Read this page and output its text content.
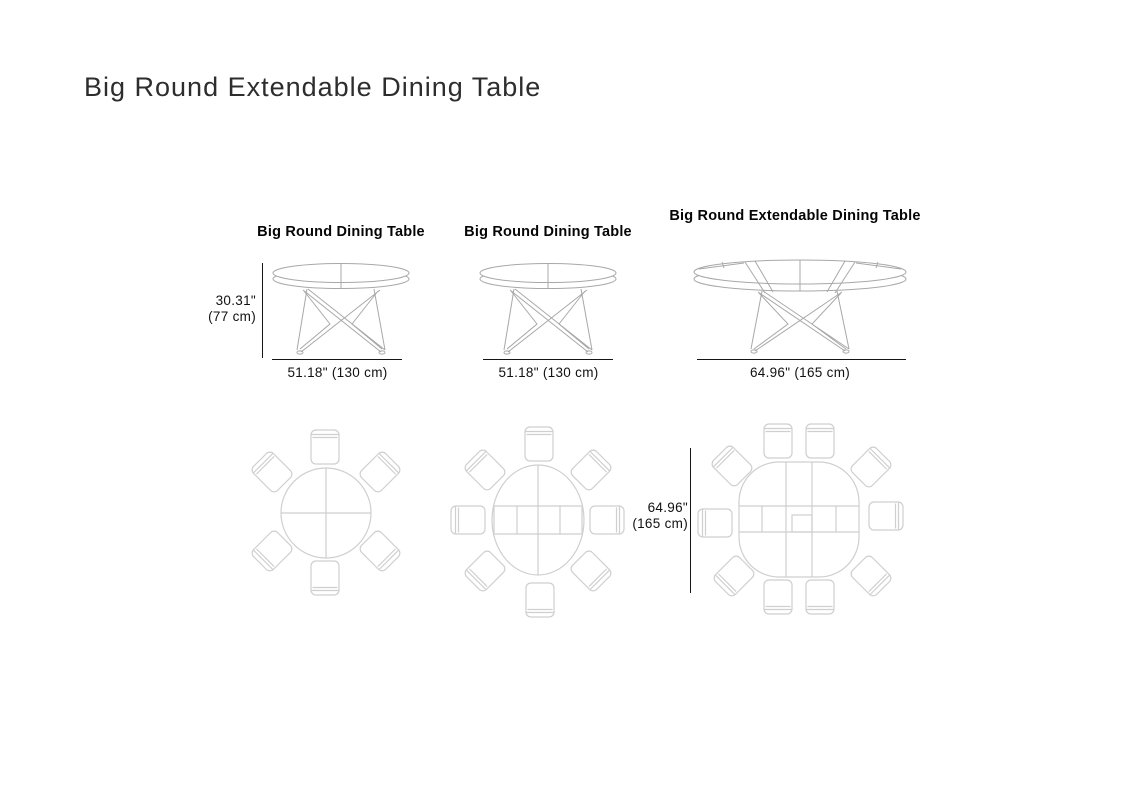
Big Round Extendable Dining Table
Big Round Dining Table	Big Round Dining Table
Big Round Extendable Dining Table
30.31"
(77 cm)
51.18" (130 cm)	51.18" (130 cm)	64.96" (165 cm)
64.96"
(165 cm)
